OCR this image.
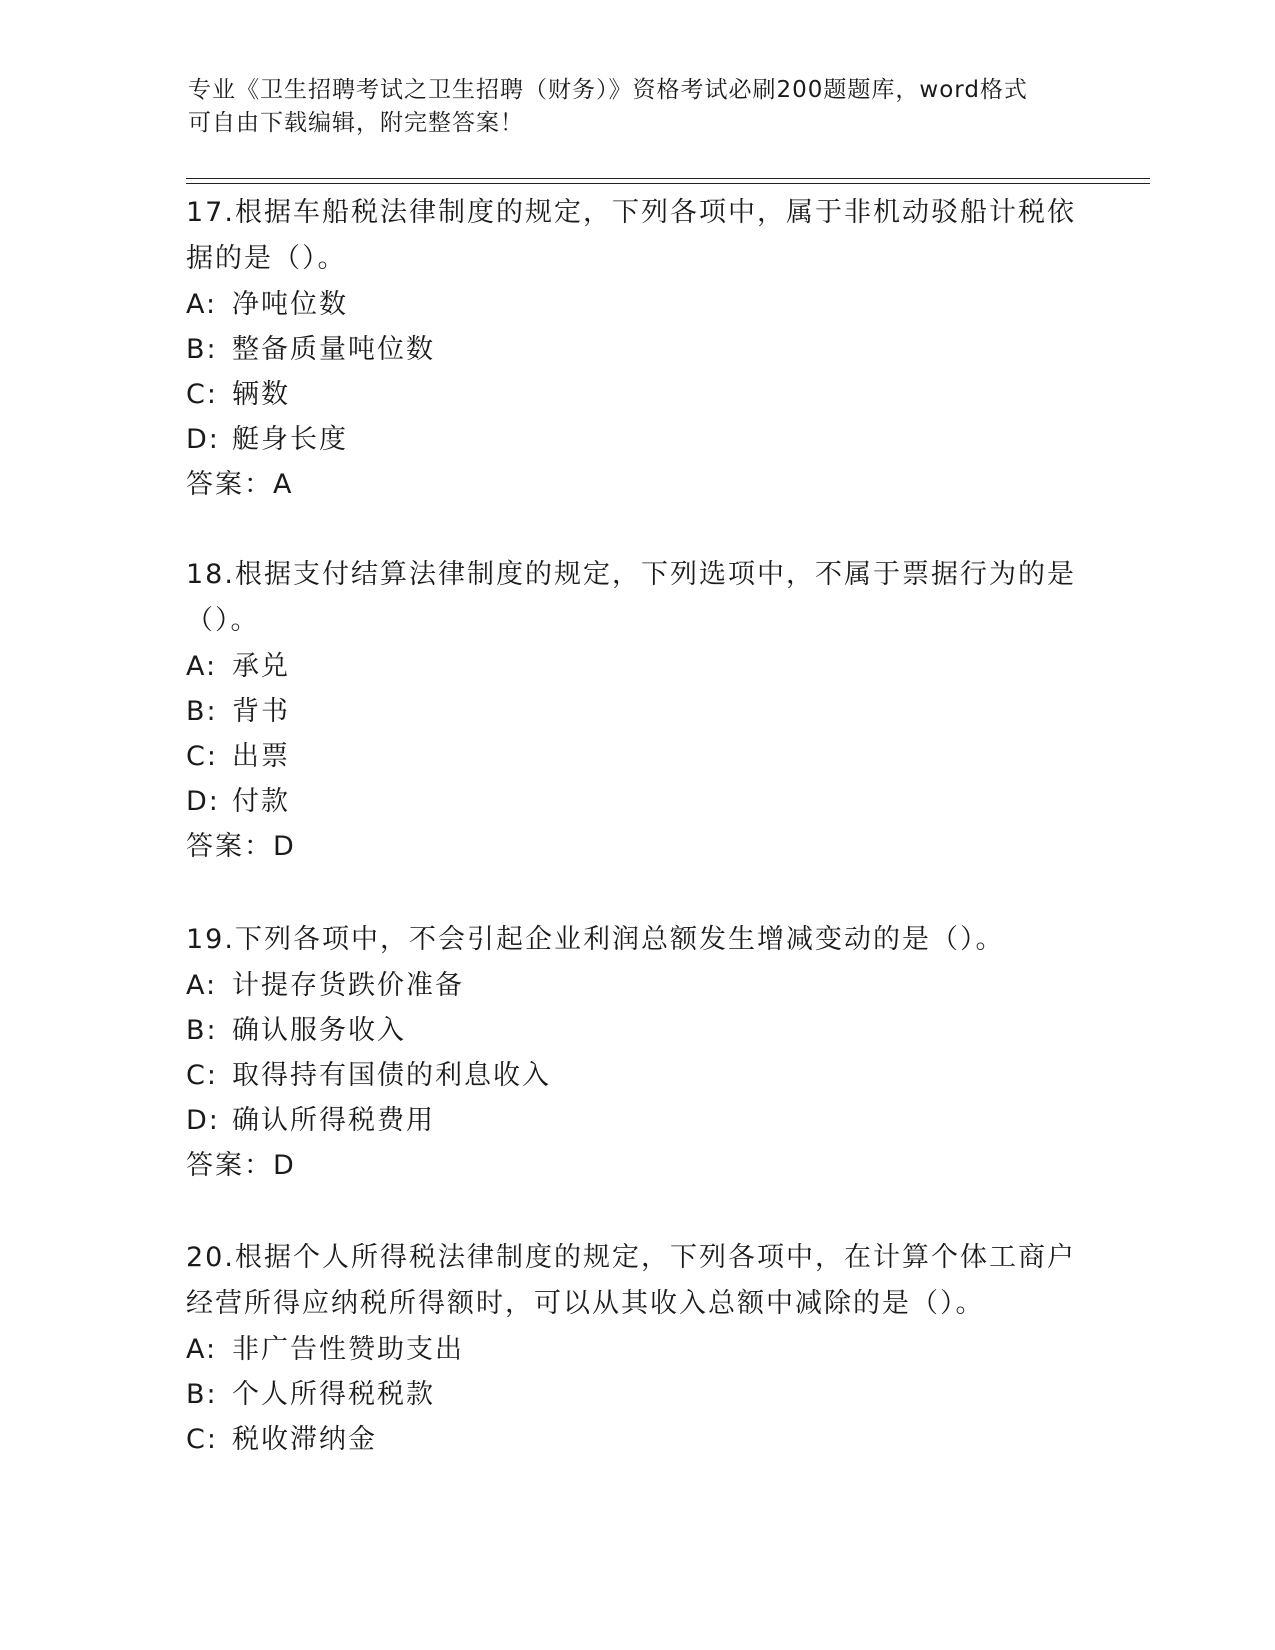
专业《卫生招聘考试之卫生招聘（财务）》资格考试必刷200题题库，word格式
可自由下载编辑，附完整答案！

17.根据车船税法律制度的规定，下列各项中，属于非机动驳船计税依
据的是（）。

A: 净吨位数

B: 整备质量吨位数

C: 辆数

D: 艇身长度

答案：A

18.根据支付结算法律制度的规定，下列选项中，不属于票据行为的是
（）。

A: 承兑

B: 背书

C: 出票

D: 付款

答案：D

19.下列各项中，不会引起企业利润总额发生增减变动的是（）。

A: 计提存货跌价准备

B: 确认服务收入

C: 取得持有国债的利息收入

D: 确认所得税费用

答案：D

20.根据个人所得税法律制度的规定，下列各项中，在计算个体工商户
经营所得应纳税所得额时，可以从其收入总额中减除的是（）。

A: 非广告性赞助支出

B: 个人所得税税款

C: 税收滞纳金
